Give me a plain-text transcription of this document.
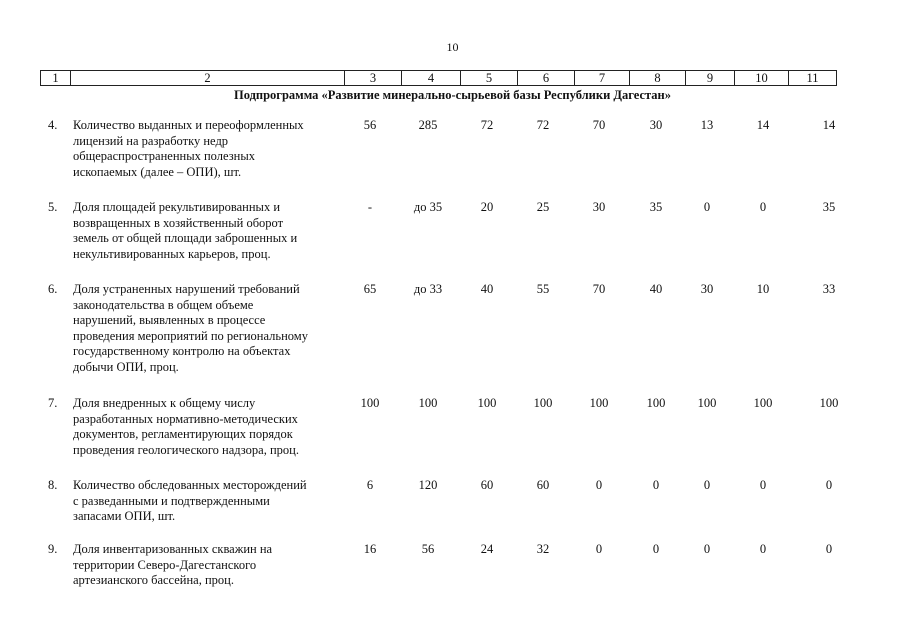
10
1	2	3	4	5	6	7	8	9	10	11
Подпрограмма «Развитие минерально-сырьевой базы Республики Дагестан»
4.	Количество выданных и переоформленных
лицензий на разработку недр
общераспространенных полезных
ископаемых (далее – ОПИ), шт.
56	285	72	72	70	30	13	14	14
5.	Доля площадей рекультивированных и
возвращенных в хозяйственный оборот
земель от общей площади заброшенных и
некультивированных карьеров, проц.
-	до 35	20	25	30	35	0	0	35
6.	Доля устраненных нарушений требований
законодательства в общем объеме
нарушений, выявленных в процессе
проведения мероприятий по региональному
государственному контролю на объектах
добычи ОПИ, проц.
65	до 33	40	55	70	40	30	10	33
7.	Доля внедренных к общему числу
разработанных нормативно-методических
документов, регламентирующих порядок
проведения геологического надзора, проц.
100	100	100	100	100	100	100	100	100
8.	Количество обследованных месторождений
с разведанными и подтвержденными
запасами ОПИ, шт.
6	120	60	60	0	0	0	0	0
9.	Доля инвентаризованных скважин на
территории Северо-Дагестанского
артезианского бассейна, проц.
16	56	24	32	0	0	0	0	0
